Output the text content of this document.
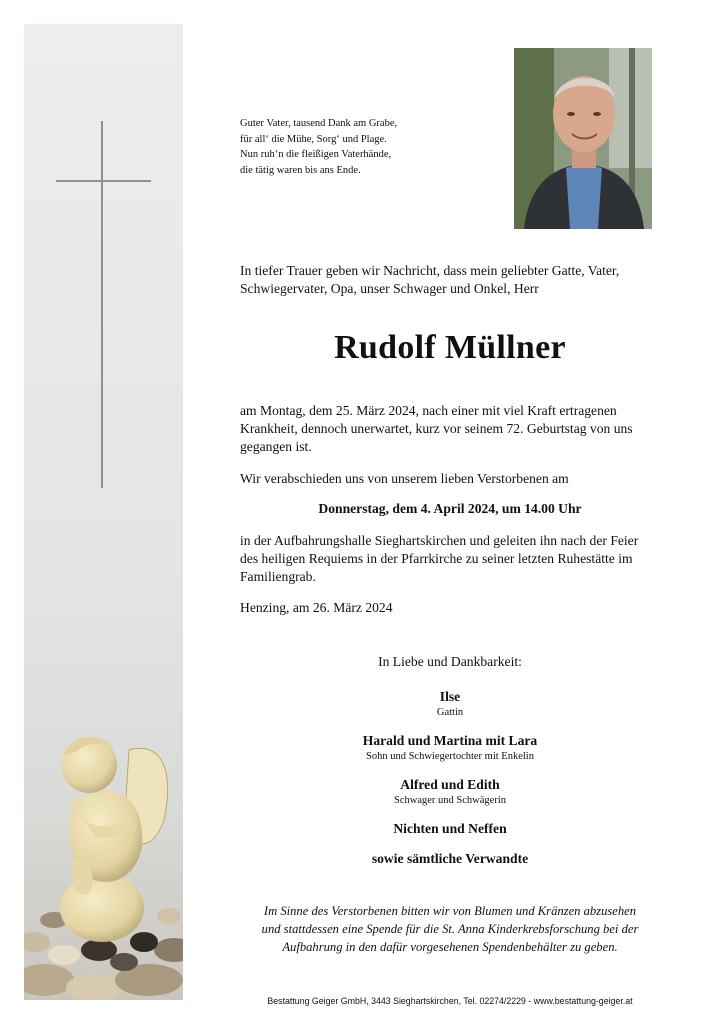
Guter Vater, tausend Dank am Grabe,
für all‘ die Mühe, Sorg‘ und Plage.
Nun ruh‘n die fleißigen Vaterhände,
die tätig waren bis ans Ende.
In tiefer Trauer geben wir Nachricht, dass mein geliebter Gatte, Vater,
Schwiegervater, Opa, unser Schwager und Onkel, Herr
Rudolf Müllner
am Montag, dem 25. März 2024, nach einer mit viel Kraft ertragenen
Krankheit, dennoch unerwartet, kurz vor seinem 72. Geburtstag von uns
gegangen ist.
Wir verabschieden uns von unserem lieben Verstorbenen am
Donnerstag, dem 4. April 2024, um 14.00 Uhr
in der Aufbahrungshalle Sieghartskirchen und geleiten ihn nach der Feier
des heiligen Requiems in der Pfarrkirche zu seiner letzten Ruhestätte im
Familiengrab.
Henzing, am 26. März 2024
In Liebe und Dankbarkeit:
Ilse
Gattin
Harald und Martina mit Lara
Sohn und Schwiegertochter mit Enkelin
Alfred und Edith
Schwager und Schwägerin
Nichten und Neffen
sowie sämtliche Verwandte
Im Sinne des Verstorbenen bitten wir von Blumen und Kränzen abzusehen
und stattdessen eine Spende für die St. Anna Kinderkrebsforschung bei der
Aufbahrung in den dafür vorgesehenen Spendenbehälter zu geben.
Bestattung Geiger GmbH, 3443 Sieghartskirchen, Tel. 02274/2229 - www.bestattung-geiger.at
